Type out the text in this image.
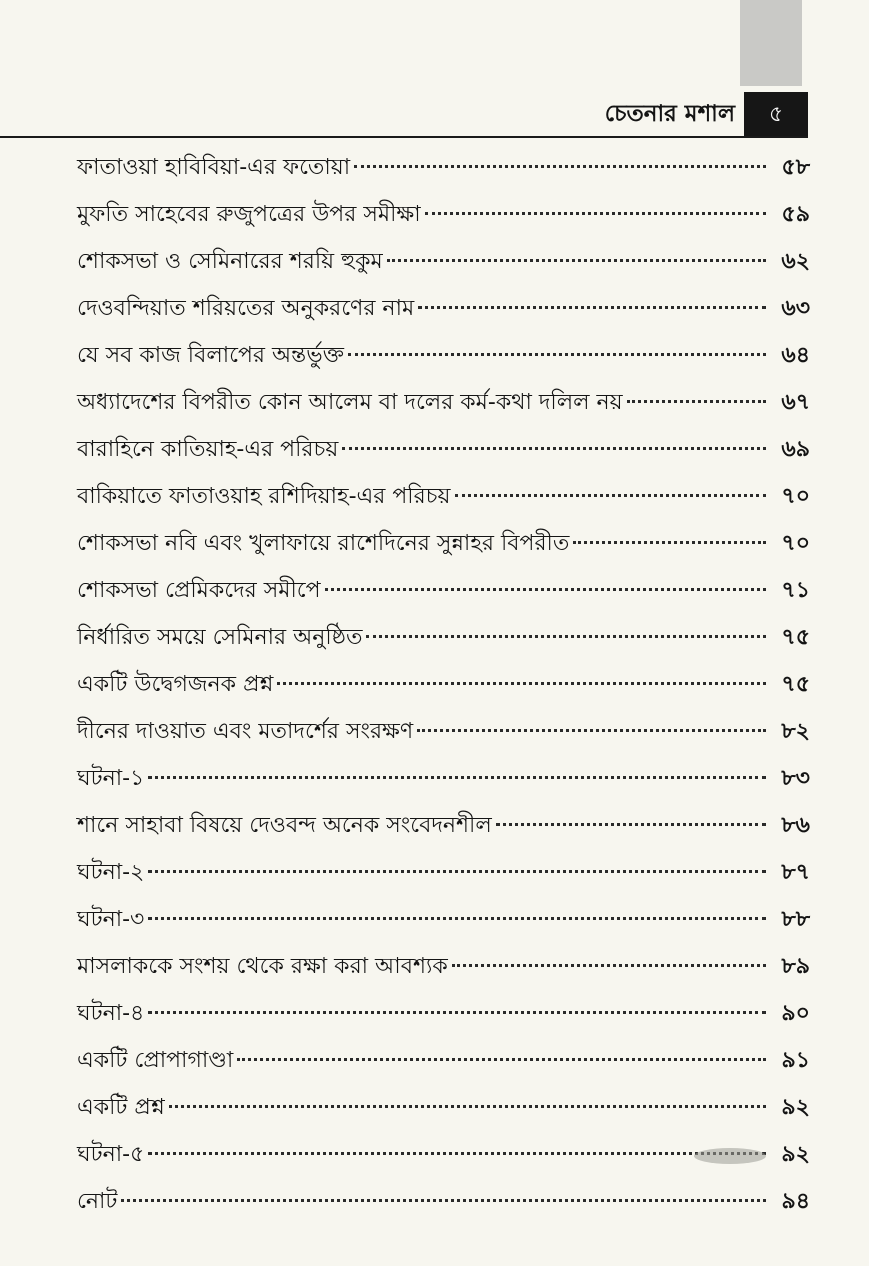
চেতনার মশাল	৫
ফাতাওয়া হাবিবিয়া-এর ফতোয়া	৫৮
মুফতি সাহেবের রুজুপত্রের উপর সমীক্ষা	৫৯
শোকসভা ও সেমিনারের শরয়ি হুকুম	৬২
দেওবন্দিয়াত শরিয়তের অনুকরণের নাম	৬৩
যে সব কাজ বিলাপের অন্তর্ভুক্ত	৬৪
অধ্যাদেশের বিপরীত কোন আলেম বা দলের কর্ম-কথা দলিল নয়	৬৭
বারাহিনে কাতিয়াহ-এর পরিচয়	৬৯
বাকিয়াতে ফাতাওয়াহ রশিদিয়াহ-এর পরিচয়	৭০
শোকসভা নবি এবং খুলাফায়ে রাশেদিনের সুন্নাহর বিপরীত	৭০
শোকসভা প্রেমিকদের সমীপে	৭১
নির্ধারিত সময়ে সেমিনার অনুষ্ঠিত	৭৫
একটি উদ্বেগজনক প্রশ্ন	৭৫
দীনের দাওয়াত এবং মতাদর্শের সংরক্ষণ	৮২
ঘটনা-১	৮৩
শানে সাহাবা বিষয়ে দেওবন্দ অনেক সংবেদনশীল	৮৬
ঘটনা-২	৮৭
ঘটনা-৩	৮৮
মাসলাককে সংশয় থেকে রক্ষা করা আবশ্যক	৮৯
ঘটনা-৪	৯০
একটি প্রোপাগাণ্ডা	৯১
একটি প্রশ্ন	৯২
ঘটনা-৫	৯২
নোট	৯৪
